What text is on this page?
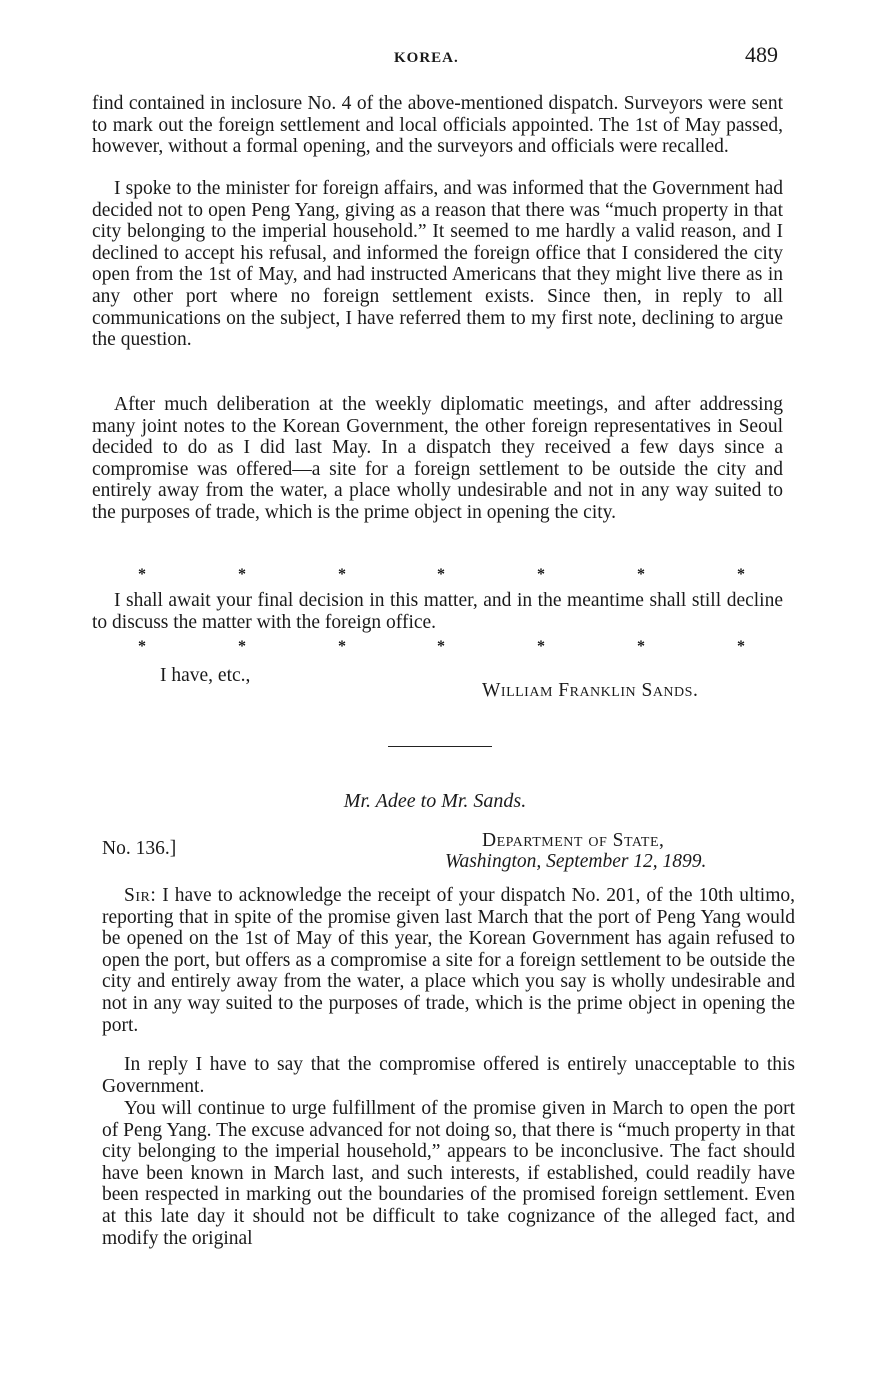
KOREA.	489

find contained in inclosure No. 4 of the above-mentioned dispatch. Surveyors were sent to mark out the foreign settlement and local officials appointed. The 1st of May passed, however, without a formal opening, and the surveyors and officials were recalled.

I spoke to the minister for foreign affairs, and was informed that the Government had decided not to open Peng Yang, giving as a reason that there was “much property in that city belonging to the imperial household.” It seemed to me hardly a valid reason, and I declined to accept his refusal, and informed the foreign office that I considered the city open from the 1st of May, and had instructed Americans that they might live there as in any other port where no foreign settlement exists. Since then, in reply to all communications on the subject, I have referred them to my first note, declining to argue the question.

After much deliberation at the weekly diplomatic meetings, and after addressing many joint notes to the Korean Government, the other foreign representatives in Seoul decided to do as I did last May. In a dispatch they received a few days since a compromise was offered—a site for a foreign settlement to be outside the city and entirely away from the water, a place wholly undesirable and not in any way suited to the purposes of trade, which is the prime object in opening the city.

*	*	*	*	*	*	*

I shall await your final decision in this matter, and in the meantime shall still decline to discuss the matter with the foreign office.

*	*	*	*	*	*	*
I have, etc.,
William Franklin Sands.
Mr. Adee to Mr. Sands.
No. 136.]	Department of State,
Washington, September 12, 1899.

Sir: I have to acknowledge the receipt of your dispatch No. 201, of the 10th ultimo, reporting that in spite of the promise given last March that the port of Peng Yang would be opened on the 1st of May of this year, the Korean Government has again refused to open the port, but offers as a compromise a site for a foreign settlement to be outside the city and entirely away from the water, a place which you say is wholly undesirable and not in any way suited to the purposes of trade, which is the prime object in opening the port.

In reply I have to say that the compromise offered is entirely unacceptable to this Government.

You will continue to urge fulfillment of the promise given in March to open the port of Peng Yang. The excuse advanced for not doing so, that there is “much property in that city belonging to the imperial household,” appears to be inconclusive. The fact should have been known in March last, and such interests, if established, could readily have been respected in marking out the boundaries of the promised foreign settlement. Even at this late day it should not be difficult to take cognizance of the alleged fact, and modify the original
